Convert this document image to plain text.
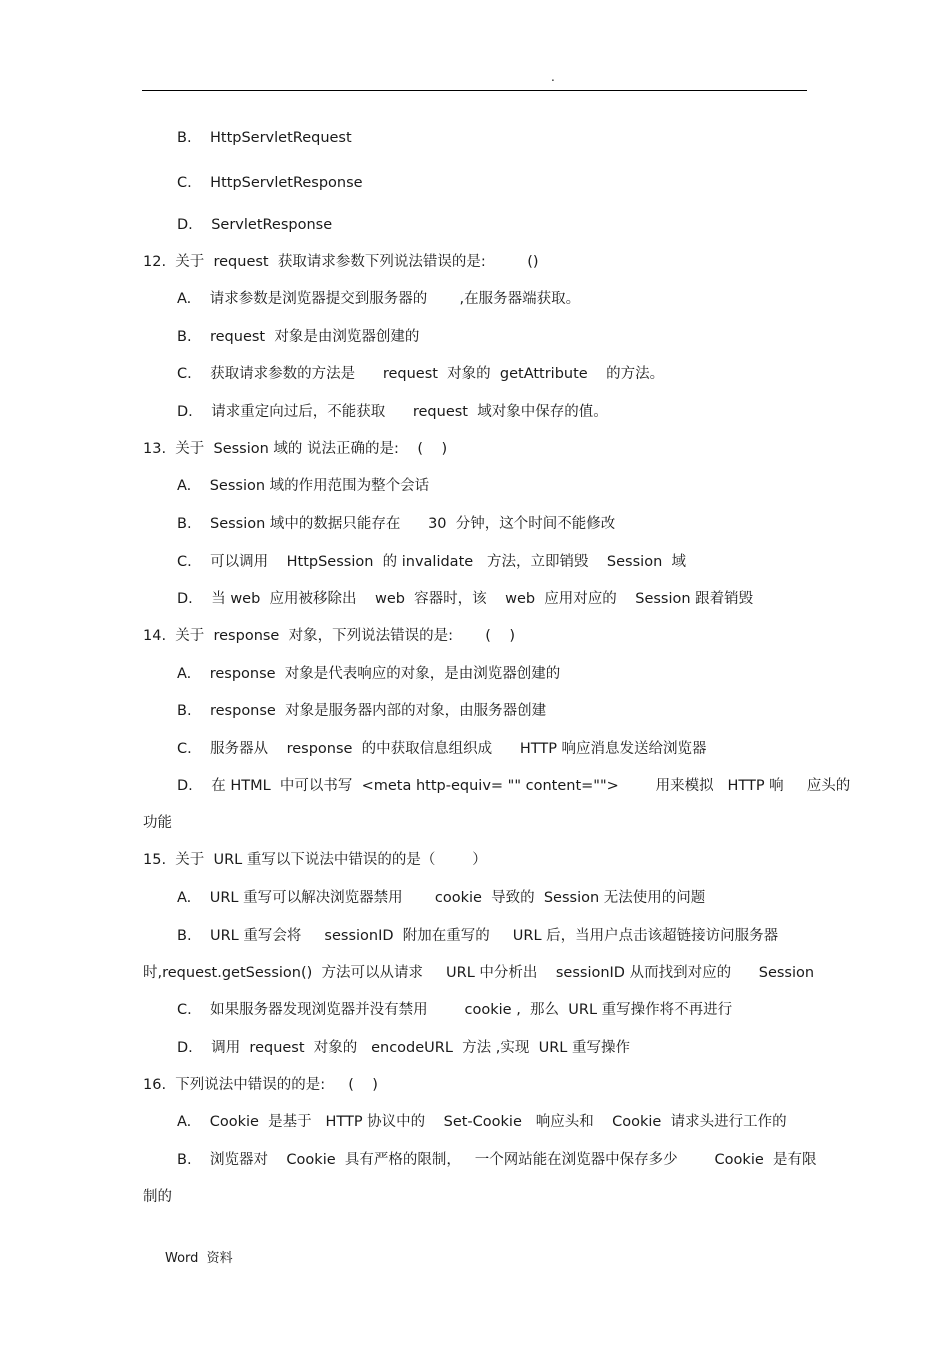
.
B.    HttpServletRequest
C.    HttpServletResponse
D.    ServletResponse
12.  关于  request  获取请求参数下列说法错误的是:         ()
A.    请求参数是浏览器提交到服务器的       ,在服务器端获取。
B.    request  对象是由浏览器创建的
C.    获取请求参数的方法是      request  对象的  getAttribute    的方法。
D.    请求重定向过后，不能获取      request  域对象中保存的值。
13.  关于  Session 域的 说法正确的是:    (    )
A.    Session 域的作用范围为整个会话
B.    Session 域中的数据只能存在      30  分钟，这个时间不能修改
C.    可以调用    HttpSession  的 invalidate   方法，立即销毁    Session  域
D.    当 web  应用被移除出    web  容器时，该    web  应用对应的    Session 跟着销毁
14.  关于  response  对象，下列说法错误的是:       (    )
A.    response  对象是代表响应的对象，是由浏览器创建的
B.    response  对象是服务器内部的对象，由服务器创建
C.    服务器从    response  的中获取信息组织成      HTTP 响应消息发送给浏览器
D.    在 HTML  中可以书写  <meta http-equiv= "" content="">        用来模拟   HTTP 响     应头的
功能
15.  关于  URL 重写以下说法中错误的的是（        ）
A.    URL 重写可以解决浏览器禁用       cookie  导致的  Session 无法使用的问题
B.    URL 重写会将     sessionID  附加在重写的     URL 后，当用户点击该超链接访问服务器
时,request.getSession()  方法可以从请求     URL 中分析出    sessionID 从而找到对应的      Session
C.    如果服务器发现浏览器并没有禁用        cookie ,  那么  URL 重写操作将不再进行
D.    调用  request  对象的   encodeURL  方法 ,实现  URL 重写操作
16.  下列说法中错误的的是:     (    )
A.    Cookie  是基于   HTTP 协议中的    Set-Cookie   响应头和    Cookie  请求头进行工作的
B.    浏览器对    Cookie  具有严格的限制，   一个网站能在浏览器中保存多少        Cookie  是有限
制的
Word  资料
